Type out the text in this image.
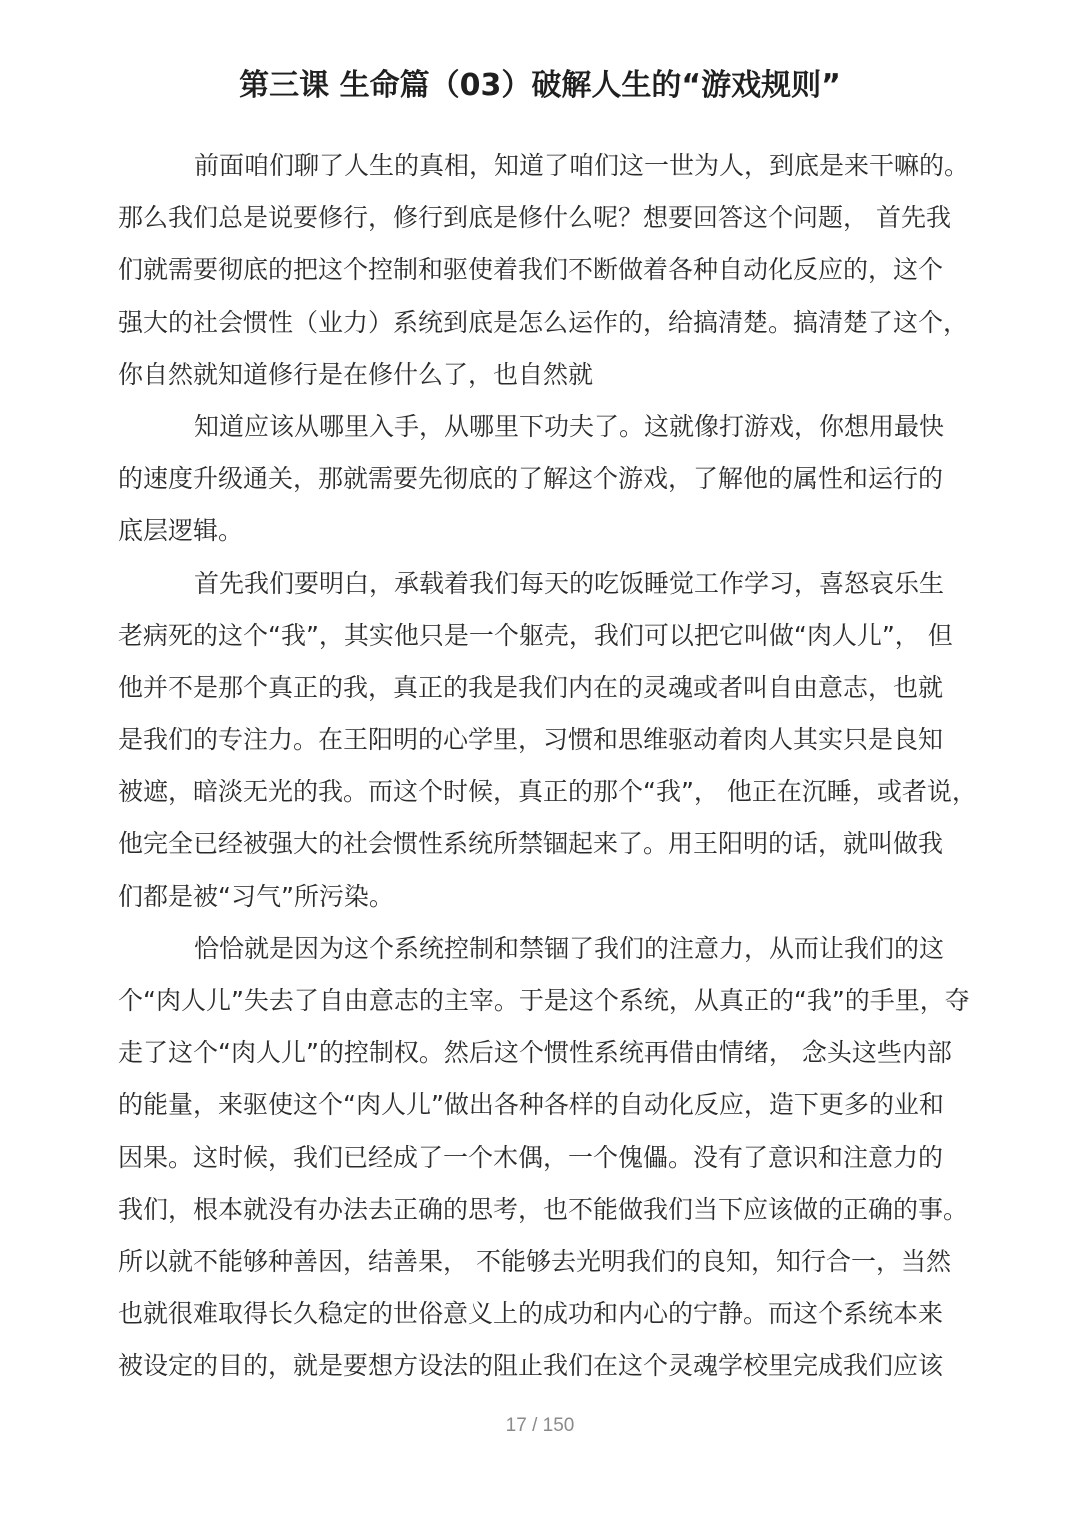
第三课 生命篇（03）破解人生的“游戏规则”
前面咱们聊了人生的真相，知道了咱们这一世为人，到底是来干嘛的。
那么我们总是说要修行，修行到底是修什么呢？想要回答这个问题， 首先我
们就需要彻底的把这个控制和驱使着我们不断做着各种自动化反应的，这个
强大的社会惯性（业力）系统到底是怎么运作的，给搞清楚。搞清楚了这个，
你自然就知道修行是在修什么了，也自然就
知道应该从哪里入手，从哪里下功夫了。这就像打游戏，你想用最快
的速度升级通关，那就需要先彻底的了解这个游戏，了解他的属性和运行的
底层逻辑。
首先我们要明白，承载着我们每天的吃饭睡觉工作学习，喜怒哀乐生
老病死的这个“我”，其实他只是一个躯壳，我们可以把它叫做“肉人儿”， 但
他并不是那个真正的我，真正的我是我们内在的灵魂或者叫自由意志，也就
是我们的专注力。在王阳明的心学里，习惯和思维驱动着肉人其实只是良知
被遮，暗淡无光的我。而这个时候，真正的那个“我”， 他正在沉睡，或者说，
他完全已经被强大的社会惯性系统所禁锢起来了。用王阳明的话，就叫做我
们都是被“习气”所污染。
恰恰就是因为这个系统控制和禁锢了我们的注意力，从而让我们的这
个“肉人儿”失去了自由意志的主宰。于是这个系统，从真正的“我”的手里，夺
走了这个“肉人儿”的控制权。然后这个惯性系统再借由情绪， 念头这些内部
的能量，来驱使这个“肉人儿”做出各种各样的自动化反应，造下更多的业和
因果。这时候，我们已经成了一个木偶，一个傀儡。没有了意识和注意力的
我们，根本就没有办法去正确的思考，也不能做我们当下应该做的正确的事。
所以就不能够种善因，结善果， 不能够去光明我们的良知，知行合一，当然
也就很难取得长久稳定的世俗意义上的成功和内心的宁静。而这个系统本来
被设定的目的，就是要想方设法的阻止我们在这个灵魂学校里完成我们应该
17 / 150
